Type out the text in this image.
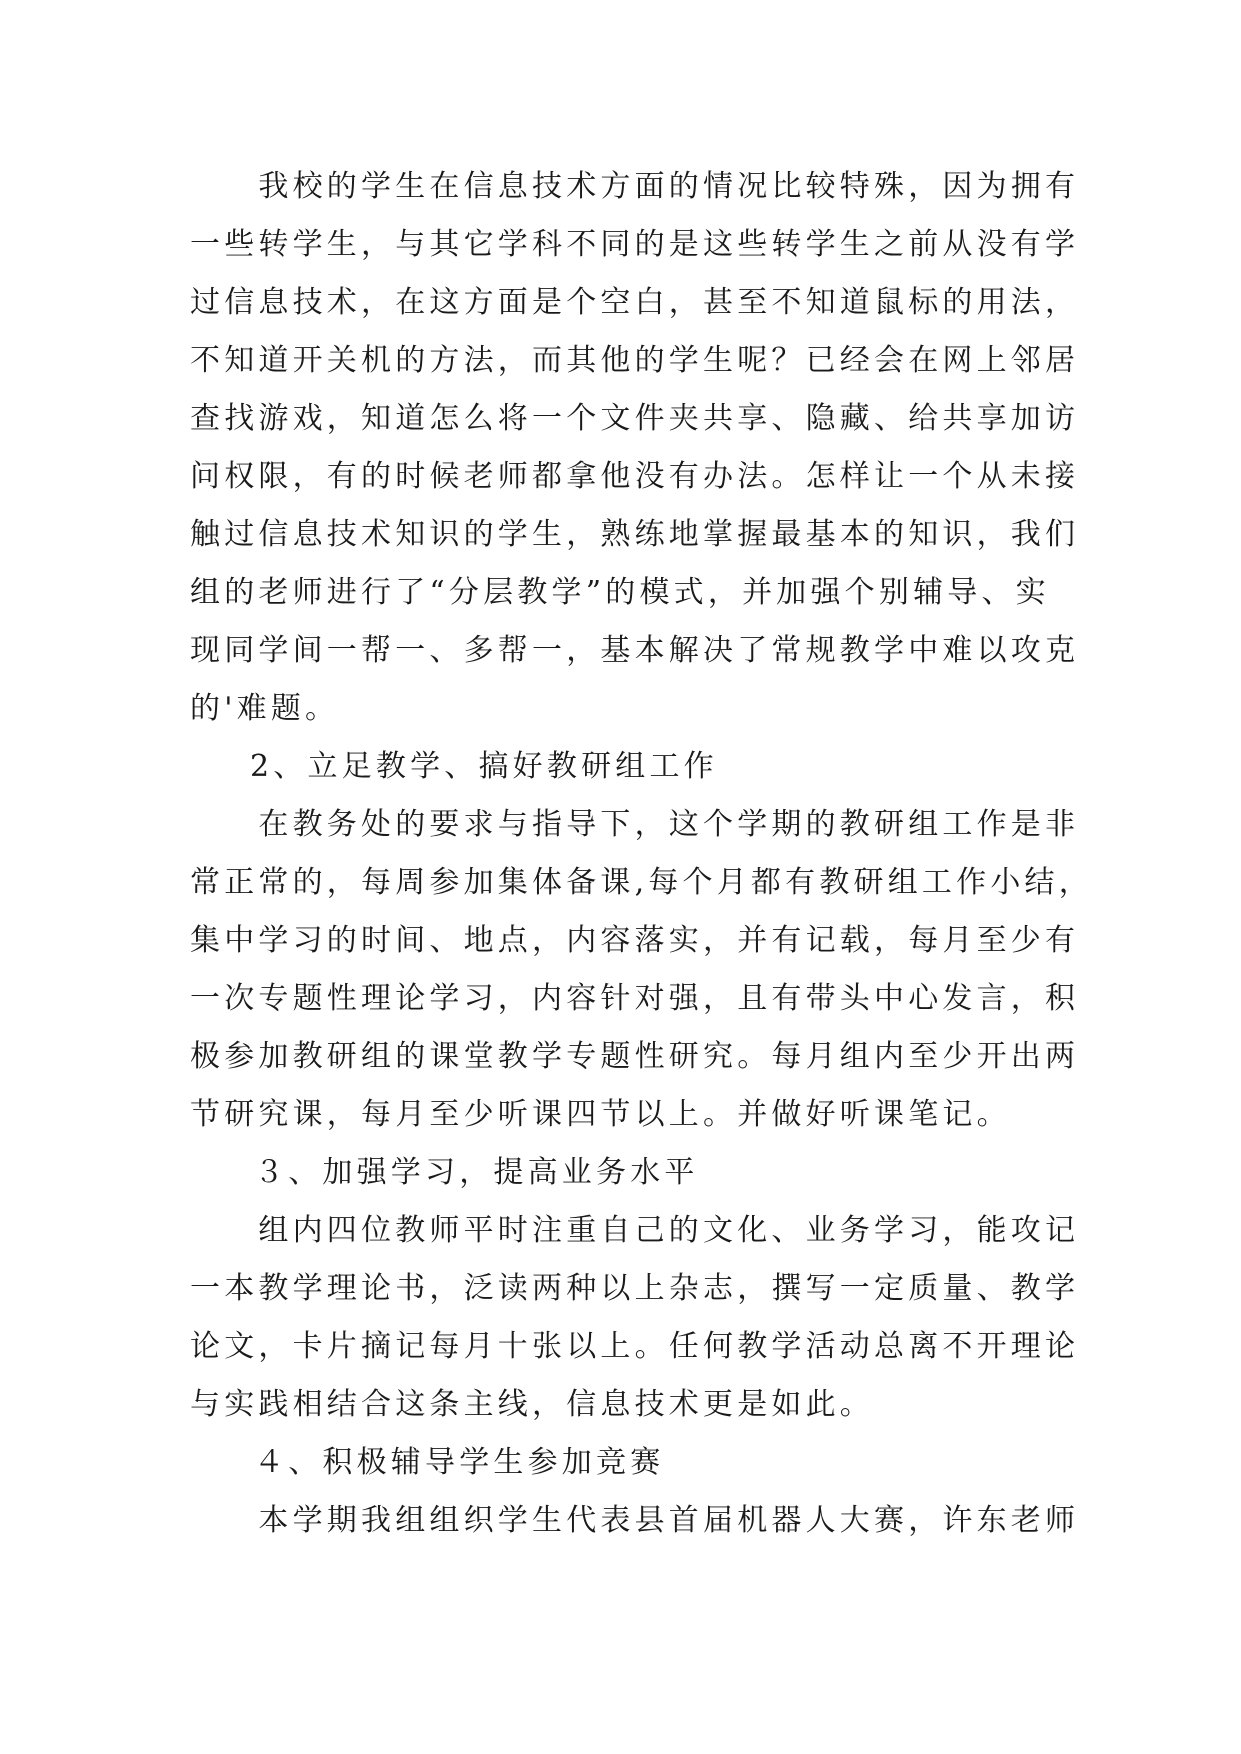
　　我校的学生在信息技术方面的情况比较特殊，因为拥有
一些转学生，与其它学科不同的是这些转学生之前从没有学
过信息技术，在这方面是个空白，甚至不知道鼠标的用法，
不知道开关机的方法，而其他的学生呢？已经会在网上邻居
查找游戏，知道怎么将一个文件夹共享、隐藏、给共享加访
问权限，有的时候老师都拿他没有办法。怎样让一个从未接
触过信息技术知识的学生，熟练地掌握最基本的知识，我们
组的老师进行了“分层教学”的模式，并加强个别辅导、实
现同学间一帮一、多帮一，基本解决了常规教学中难以攻克
的'难题。
2、立足教学、搞好教研组工作
　　在教务处的要求与指导下，这个学期的教研组工作是非
常正常的，每周参加集体备课,每个月都有教研组工作小结，
集中学习的时间、地点，内容落实，并有记载，每月至少有
一次专题性理论学习，内容针对强，且有带头中心发言，积
极参加教研组的课堂教学专题性研究。每月组内至少开出两
节研究课，每月至少听课四节以上。并做好听课笔记。
３、加强学习，提高业务水平
　　组内四位教师平时注重自己的文化、业务学习，能攻记
一本教学理论书，泛读两种以上杂志，撰写一定质量、教学
论文，卡片摘记每月十张以上。任何教学活动总离不开理论
与实践相结合这条主线，信息技术更是如此。
４、积极辅导学生参加竞赛
　　本学期我组组织学生代表县首届机器人大赛，许东老师
